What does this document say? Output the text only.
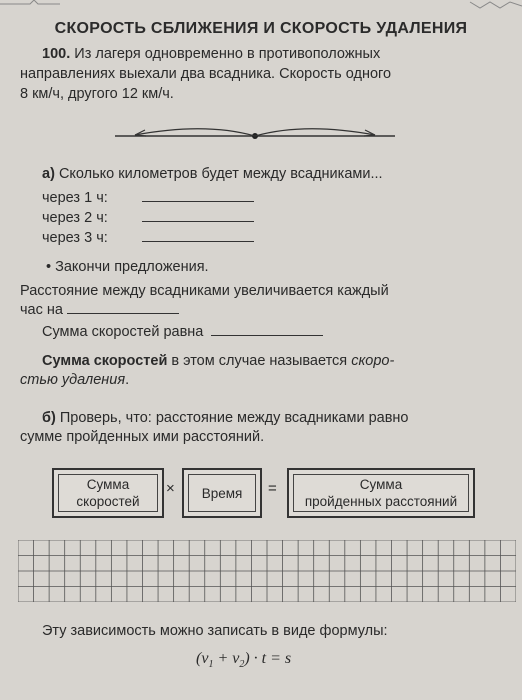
СКОРОСТЬ СБЛИЖЕНИЯ И СКОРОСТЬ УДАЛЕНИЯ
100. Из лагеря одновременно в противоположных
направлениях выехали два всадника. Скорость одного
8 км/ч, другого 12 км/ч.
а) Сколько километров будет между всадниками...
через 1 ч:
через 2 ч:
через 3 ч:
• Закончи предложения.
Расстояние между всадниками увеличивается каждый
час на
Сумма скоростей равна
Сумма скоростей в этом случае называется скоро-
стью удаления.
б) Проверь, что: расстояние между всадниками равно
сумме пройденных ими расстояний.
Сумма
скоростей
× Время =	Сумма
пройденных расстояний
Эту зависимость можно записать в виде формулы:
$(v_1 + v_2) \cdot t = s$
